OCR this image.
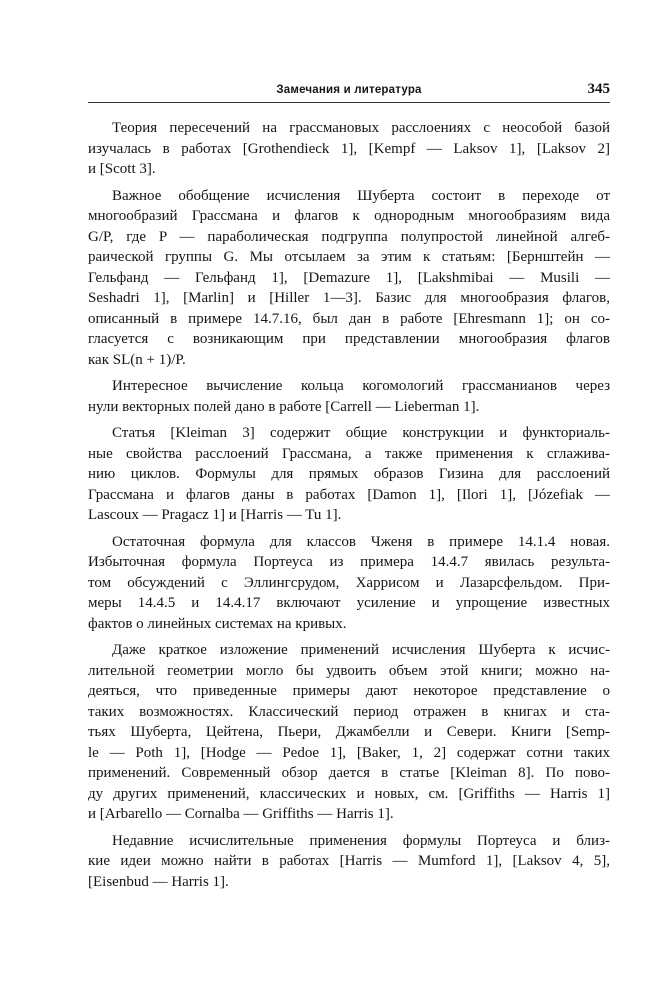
Замечания и литература	345
Теория пересечений на грассмановых расслоениях с неособой базой
изучалась в работах [Grothendieck 1], [Kempf — Laksov 1], [Laksov 2]
и [Scott 3].
Важное обобщение исчисления Шуберта состоит в переходе от
многообразий Грассмана и флагов к однородным многообразиям вида
G/P, где P — параболическая подгруппа полупростой линейной алгеб-
раической группы G. Мы отсылаем за этим к статьям: [Бернштейн —
Гельфанд — Гельфанд 1], [Demazure 1], [Lakshmibai — Musili —
Seshadri 1], [Marlin] и [Hiller 1—3]. Базис для многообразия флагов,
описанный в примере 14.7.16, был дан в работе [Ehresmann 1]; он со-
гласуется с возникающим при представлении многообразия флагов
как SL(n + 1)/P.
Интересное вычисление кольца когомологий грассманианов через
нули векторных полей дано в работе [Carrell — Lieberman 1].
Статья [Kleiman 3] содержит общие конструкции и функториаль-
ные свойства расслоений Грассмана, а также применения к сглажива-
нию циклов. Формулы для прямых образов Гизина для расслоений
Грассмана и флагов даны в работах [Damon 1], [Ilori 1], [Józefiak —
Lascoux — Pragacz 1] и [Harris — Tu 1].
Остаточная формула для классов Чженя в примере 14.1.4 новая.
Избыточная формула Портеуса из примера 14.4.7 явилась результа-
том обсуждений с Эллингсрудом, Харрисом и Лазарсфельдом. При-
меры 14.4.5 и 14.4.17 включают усиление и упрощение известных
фактов о линейных системах на кривых.
Даже краткое изложение применений исчисления Шуберта к исчис-
лительной геометрии могло бы удвоить объем этой книги; можно на-
деяться, что приведенные примеры дают некоторое представление о
таких возможностях. Классический период отражен в книгах и ста-
тьях Шуберта, Цейтена, Пьери, Джамбелли и Севери. Книги [Semp-
le — Poth 1], [Hodge — Pedoe 1], [Baker, 1, 2] содержат сотни таких
применений. Современный обзор дается в статье [Kleiman 8]. По пово-
ду других применений, классических и новых, см. [Griffiths — Harris 1]
и [Arbarello — Cornalba — Griffiths — Harris 1].
Недавние исчислительные применения формулы Портеуса и близ-
кие идеи можно найти в работах [Harris — Mumford 1], [Laksov 4, 5],
[Eisenbud — Harris 1].
